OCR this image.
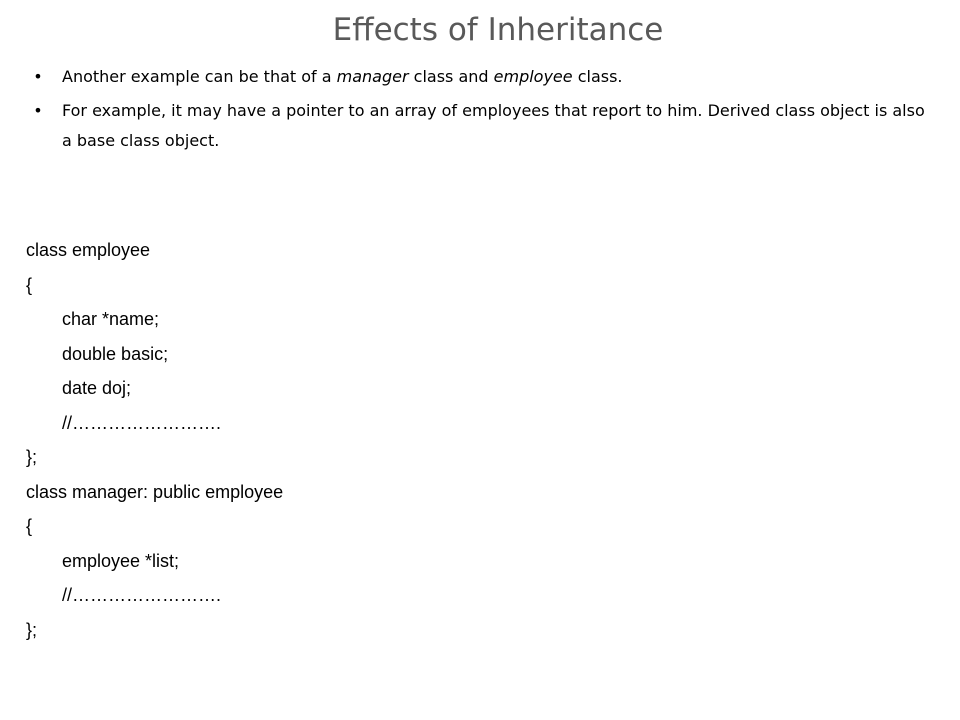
Effects of Inheritance
• Another example can be that of a manager class and employee class.
• For example, it may have a pointer to an array of employees that report to him. Derived class object is also a base class object.
class employee
{
char *name;
double basic;
date doj;
//…………………….
};
class manager: public employee
{
employee *list;
//…………………….
};
